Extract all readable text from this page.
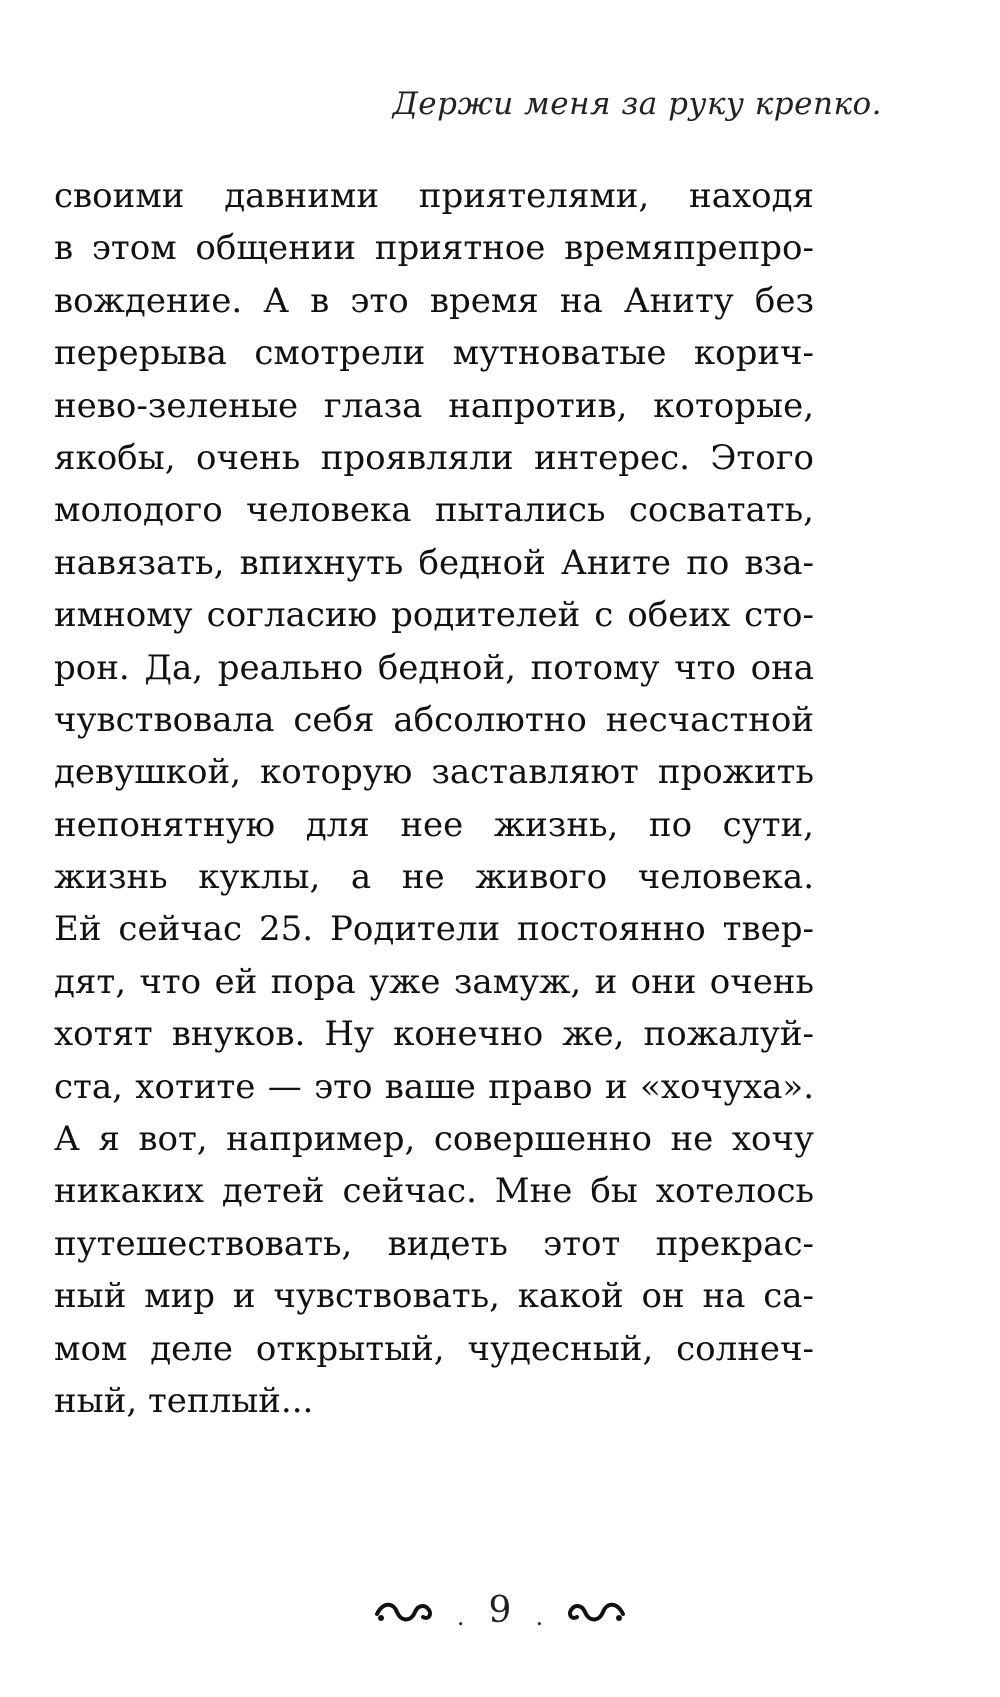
Держи меня за руку крепко.
своими давними приятелями, находя
в этом общении приятное времяпрепро-
вождение. А в это время на Аниту без
перерыва смотрели мутноватые корич-
нево-зеленые глаза напротив, которые,
якобы, очень проявляли интерес. Этого
молодого человека пытались сосватать,
навязать, впихнуть бедной Аните по вза-
имному согласию родителей с обеих сто-
рон. Да, реально бедной, потому что она
чувствовала себя абсолютно несчастной
девушкой, которую заставляют прожить
непонятную для нее жизнь, по сути,
жизнь куклы, а не живого человека.
Ей сейчас 25. Родители постоянно твер-
дят, что ей пора уже замуж, и они очень
хотят внуков. Ну конечно же, пожалуй-
ста, хотите — это ваше право и «хочуха».
А я вот, например, совершенно не хочу
никаких детей сейчас. Мне бы хотелось
путешествовать, видеть этот прекрас-
ный мир и чувствовать, какой он на са-
мом деле открытый, чудесный, солнеч-
ный, теплый...
. 9	.
